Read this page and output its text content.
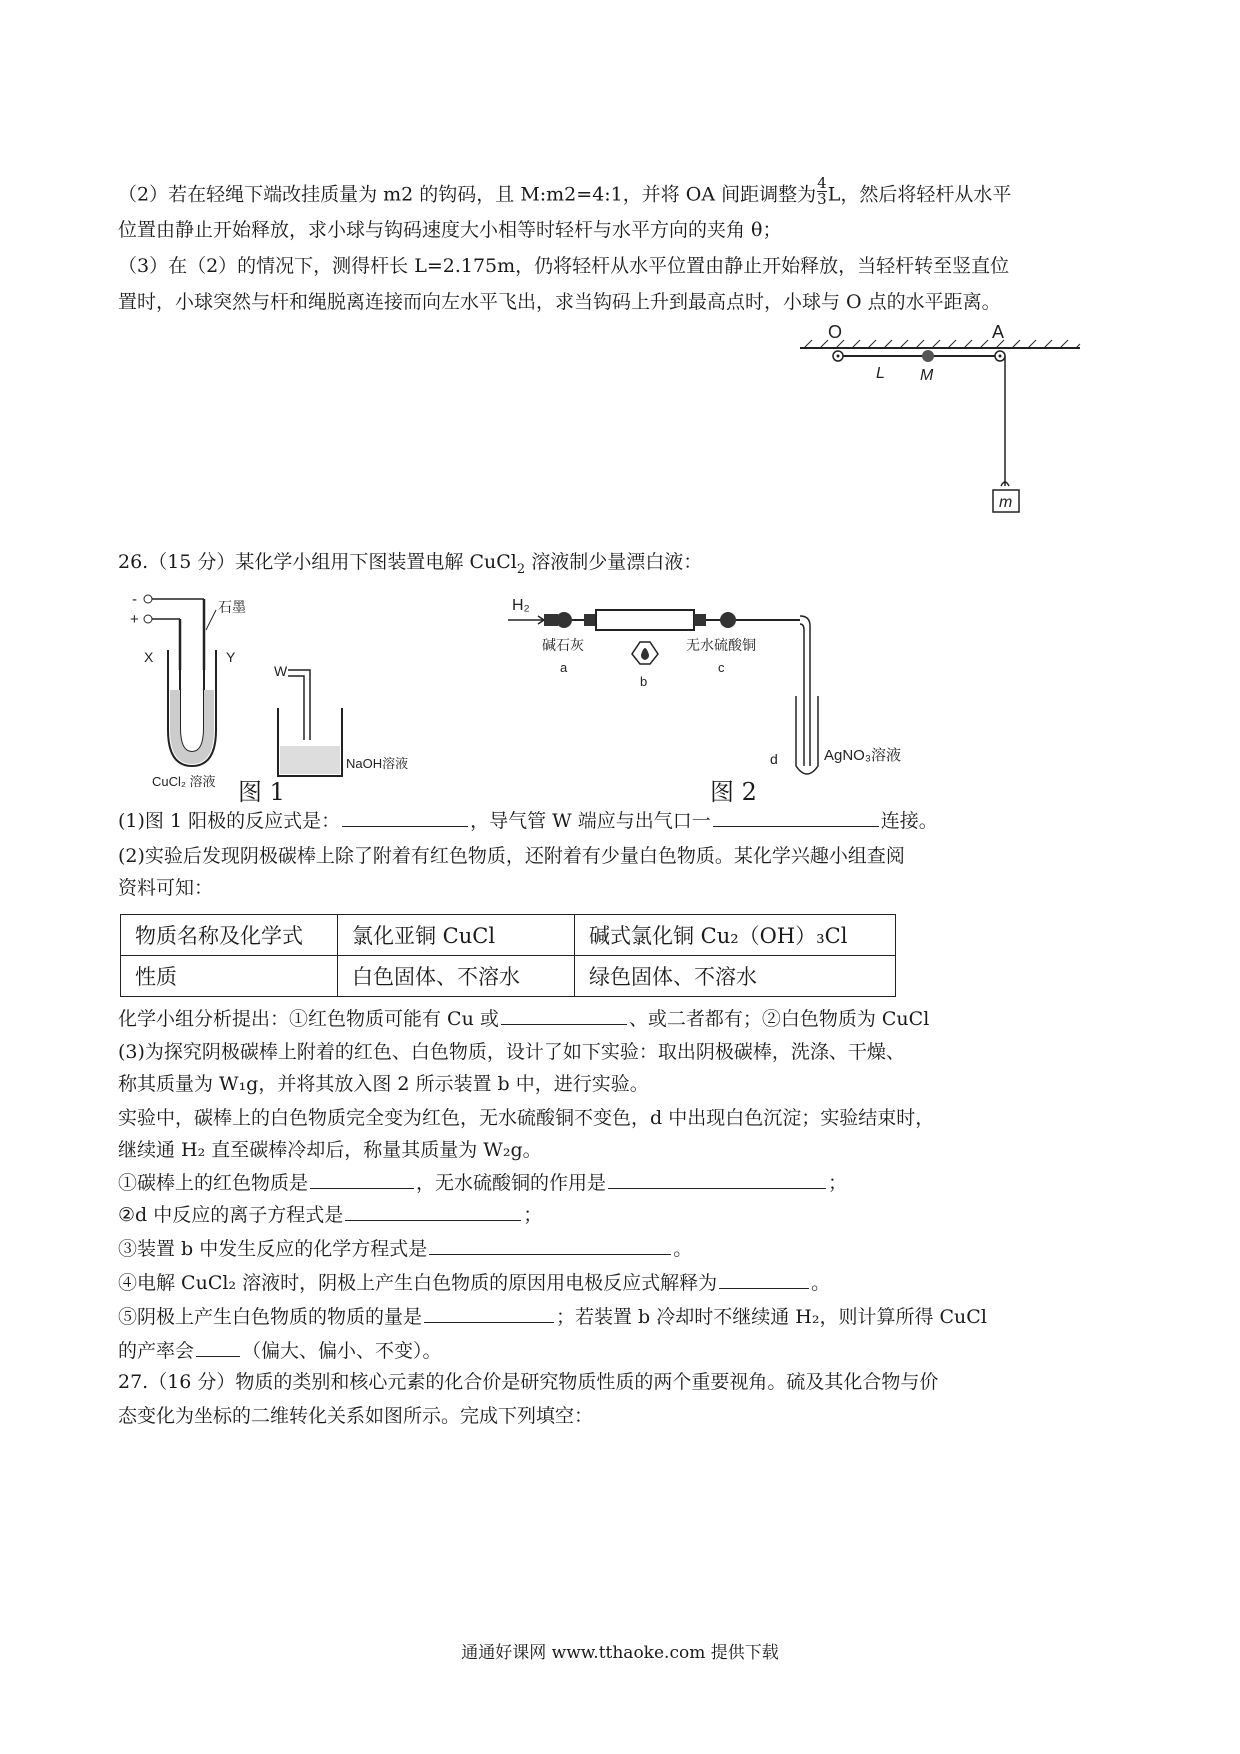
（2）若在轻绳下端改挂质量为 m2 的钩码，且 M:m2=4:1，并将 OA 间距调整为 $\frac{4}{3}$ L，然后将轻杆从水平
位置由静止开始释放，求小球与钩码速度大小相等时轻杆与水平方向的夹角 θ；
（3）在（2）的情况下，测得杆长 L=2.175m，仍将轻杆从水平位置由静止开始释放，当轻杆转至竖直位
置时，小球突然与杆和绳脱离连接而向左水平飞出，求当钩码上升到最高点时，小球与 O 点的水平距离。
O	A
L M
m
26.（15 分）某化学小组用下图装置电解 CuCl$_2$ 溶液制少量漂白液：
-
+
石墨
X	Y
CuCl₂ 溶液
W
NaOH溶液
图 1
H₂
碱石灰
a
b
无水硫酸铜
c
d	AgNO₃溶液
图 2
(1)图 1 阳极的反应式是：	，导气管 W 端应与出气口一	连接。
(2)实验后发现阴极碳棒上除了附着有红色物质，还附着有少量白色物质。某化学兴趣小组查阅
资料可知：
物质名称及化学式	氯化亚铜 CuCl	碱式氯化铜 Cu₂（OH）₃Cl
性质	白色固体、不溶水	绿色固体、不溶水
化学小组分析提出：①红色物质可能有 Cu 或	、或二者都有；②白色物质为 CuCl
(3)为探究阴极碳棒上附着的红色、白色物质，设计了如下实验：取出阴极碳棒，洗涤、干燥、
称其质量为 W₁g，并将其放入图 2 所示装置 b 中，进行实验。
实验中，碳棒上的白色物质完全变为红色，无水硫酸铜不变色，d 中出现白色沉淀；实验结束时，
继续通 H₂ 直至碳棒冷却后，称量其质量为 W₂g。
①碳棒上的红色物质是	，无水硫酸铜的作用是	；
②d 中反应的离子方程式是	；
③装置 b 中发生反应的化学方程式是	。
④电解 CuCl₂ 溶液时，阴极上产生白色物质的原因用电极反应式解释为	。
⑤阴极上产生白色物质的物质的量是	；若装置 b 冷却时不继续通 H₂，则计算所得 CuCl
的产率会	（偏大、偏小、不变）。
27.（16 分）物质的类别和核心元素的化合价是研究物质性质的两个重要视角。硫及其化合物与价
态变化为坐标的二维转化关系如图所示。完成下列填空：
通通好课网 www.tthaoke.com 提供下载
